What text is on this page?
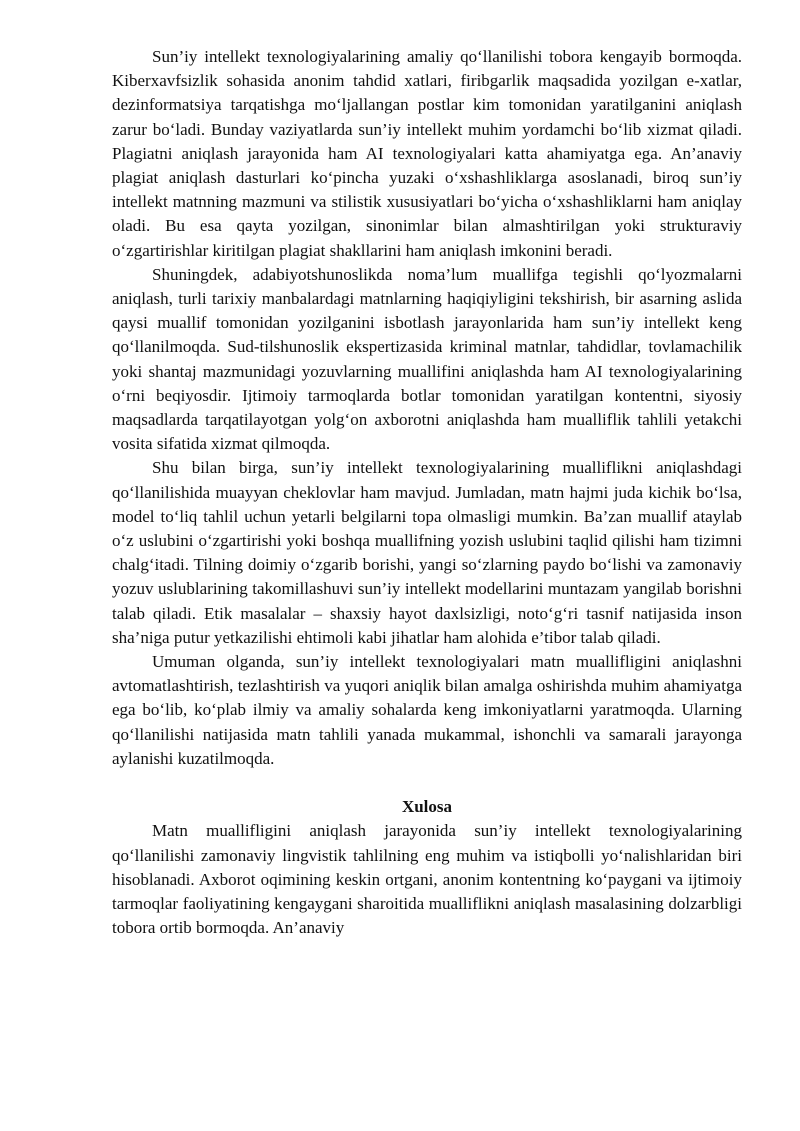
Sun’iy intellekt texnologiyalarining amaliy qo‘llanilishi tobora kengayib bormoqda. Kiberxavfsizlik sohasida anonim tahdid xatlari, firibgarlik maqsadida yozilgan e-xatlar, dezinformatsiya tarqatishga mo‘ljallangan postlar kim tomonidan yaratilganini aniqlash zarur bo‘ladi. Bunday vaziyatlarda sun’iy intellekt muhim yordamchi bo‘lib xizmat qiladi. Plagiatni aniqlash jarayonida ham AI texnologiyalari katta ahamiyatga ega. An’anaviy plagiat aniqlash dasturlari ko‘pincha yuzaki o‘xshashliklarga asoslanadi, biroq sun’iy intellekt matnning mazmuni va stilistik xususiyatlari bo‘yicha o‘xshashliklarni ham aniqlay oladi. Bu esa qayta yozilgan, sinonimlar bilan almashtirilgan yoki strukturaviy o‘zgartirishlar kiritilgan plagiat shakllarini ham aniqlash imkonini beradi.

Shuningdek, adabiyotshunoslikda noma’lum muallifga tegishli qo‘lyozmalarni aniqlash, turli tarixiy manbalardagi matnlarning haqiqiyligini tekshirish, bir asarning aslida qaysi muallif tomonidan yozilganini isbotlash jarayonlarida ham sun’iy intellekt keng qo‘llanilmoqda. Sud-tilshunoslik ekspertizasida kriminal matnlar, tahdidlar, tovlamachilik yoki shantaj mazmunidagi yozuvlarning muallifini aniqlashda ham AI texnologiyalarining o‘rni beqiyosdir. Ijtimoiy tarmoqlarda botlar tomonidan yaratilgan kontentni, siyosiy maqsadlarda tarqatilayotgan yolg‘on axborotni aniqlashda ham mualliflik tahlili yetakchi vosita sifatida xizmat qilmoqda.

Shu bilan birga, sun’iy intellekt texnologiyalarining mualliflikni aniqlashdagi qo‘llanilishida muayyan cheklovlar ham mavjud. Jumladan, matn hajmi juda kichik bo‘lsa, model to‘liq tahlil uchun yetarli belgilarni topa olmasligi mumkin. Ba’zan muallif ataylab o‘z uslubini o‘zgartirishi yoki boshqa muallifning yozish uslubini taqlid qilishi ham tizimni chalg‘itadi. Tilning doimiy o‘zgarib borishi, yangi so‘zlarning paydo bo‘lishi va zamonaviy yozuv uslublarining takomillashuvi sun’iy intellekt modellarini muntazam yangilab borishni talab qiladi. Etik masalalar – shaxsiy hayot daxlsizligi, noto‘g‘ri tasnif natijasida inson sha’niga putur yetkazilishi ehtimoli kabi jihatlar ham alohida e’tibor talab qiladi.

Umuman olganda, sun’iy intellekt texnologiyalari matn muallifligini aniqlashni avtomatlashtirish, tezlashtirish va yuqori aniqlik bilan amalga oshirishda muhim ahamiyatga ega bo‘lib, ko‘plab ilmiy va amaliy sohalarda keng imkoniyatlarni yaratmoqda. Ularning qo‘llanilishi natijasida matn tahlili yanada mukammal, ishonchli va samarali jarayonga aylanishi kuzatilmoqda.

Xulosa

Matn muallifligini aniqlash jarayonida sun’iy intellekt texnologiyalarining qo‘llanilishi zamonaviy lingvistik tahlilning eng muhim va istiqbolli yo‘nalishlaridan biri hisoblanadi. Axborot oqimining keskin ortgani, anonim kontentning ko‘paygani va ijtimoiy tarmoqlar faoliyatining kengaygani sharoitida mualliflikni aniqlash masalasining dolzarbligi tobora ortib bormoqda. An’anaviy
